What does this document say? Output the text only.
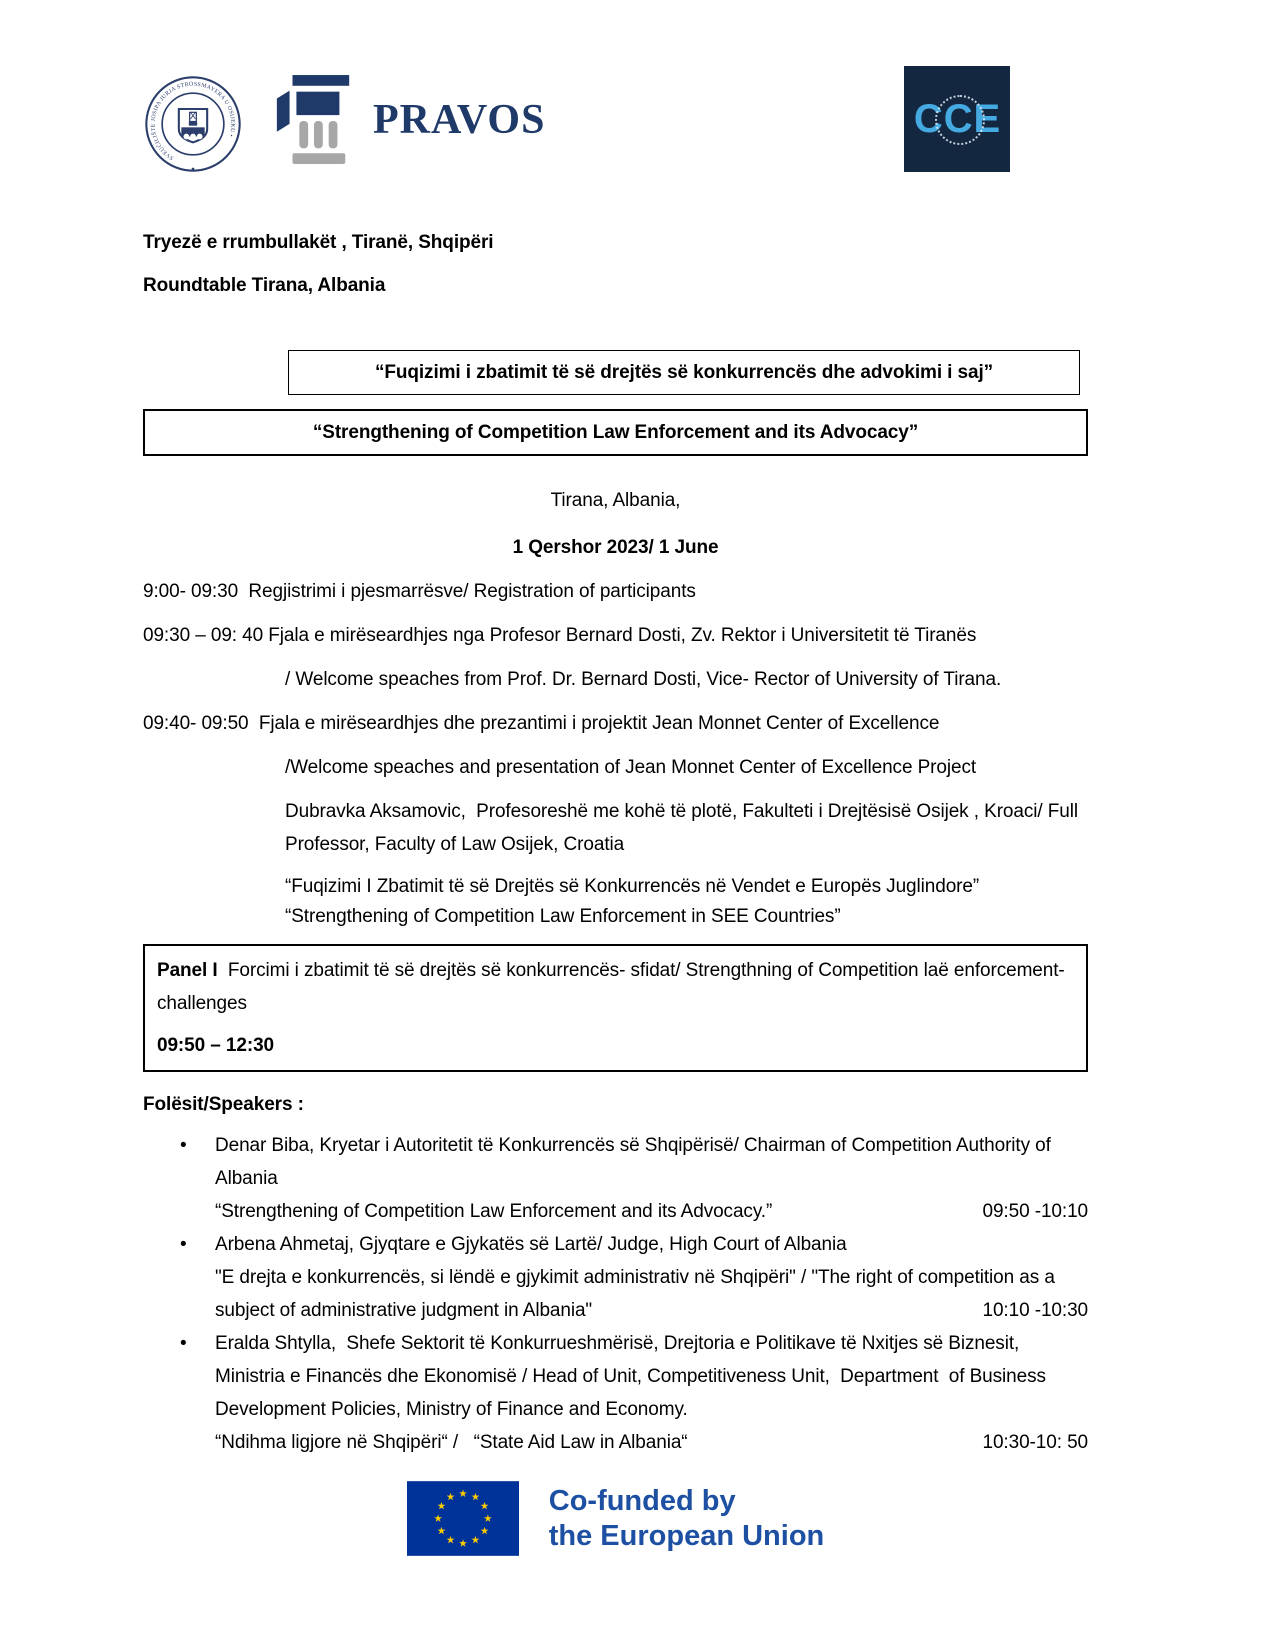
SVEUČILIŠTE JOSIPA JURJA STROSSMAYERA U OSIJEKU •	PRAVOS	C C E
Tryezë e rrumbullakët , Tiranë, Shqipëri
Roundtable Tirana, Albania
“Fuqizimi i zbatimit të së drejtës së konkurrencës dhe advokimi i saj”
“Strengthening of Competition Law Enforcement and its Advocacy”
Tirana, Albania,
1 Qershor 2023/ 1 June
9:00- 09:30  Regjistrimi i pjesmarrësve/ Registration of participants
09:30 – 09: 40 Fjala e mirëseardhjes nga Profesor Bernard Dosti, Zv. Rektor i Universitetit të Tiranës
/ Welcome speaches from Prof. Dr. Bernard Dosti, Vice- Rector of University of Tirana.
09:40- 09:50  Fjala e mirëseardhjes dhe prezantimi i projektit Jean Monnet Center of Excellence
/Welcome speaches and presentation of Jean Monnet Center of Excellence Project
Dubravka Aksamovic,  Profesoreshë me kohë të plotë, Fakulteti i Drejtësisë Osijek , Kroaci/ Full Professor, Faculty of Law Osijek, Croatia
“Fuqizimi I Zbatimit të së Drejtës së Konkurrencës në Vendet e Europës Juglindore”
“Strengthening of Competition Law Enforcement in SEE Countries”
Panel I  Forcimi i zbatimit të së drejtës së konkurrencës- sfidat/ Strengthning of Competition laë enforcement- challenges
09:50 – 12:30
Folësit/Speakers :
• Denar Biba, Kryetar i Autoritetit të Konkurrencës së Shqipërisë/ Chairman of Competition Authority of Albania
“Strengthening of Competition Law Enforcement and its Advocacy.”	09:50 -10:10
• Arbena Ahmetaj, Gjyqtare e Gjykatës së Lartë/ Judge, High Court of Albania
"E drejta e konkurrencës, si lëndë e gjykimit administrativ në Shqipëri" / "The right of competition as a subject of administrative judgment in Albania"	10:10 -10:30
• Eralda Shtylla,  Shefe Sektorit të Konkurrueshmërisë, Drejtoria e Politikave të Nxitjes së Biznesit, Ministria e Financës dhe Ekonomisë / Head of Unit, Competitiveness Unit,  Department  of Business Development Policies, Ministry of Finance and Economy.
“Ndihma ligjore në Shqipëri“ /   “State Aid Law in Albania“	10:30-10: 50
Co-funded by
the European Union
